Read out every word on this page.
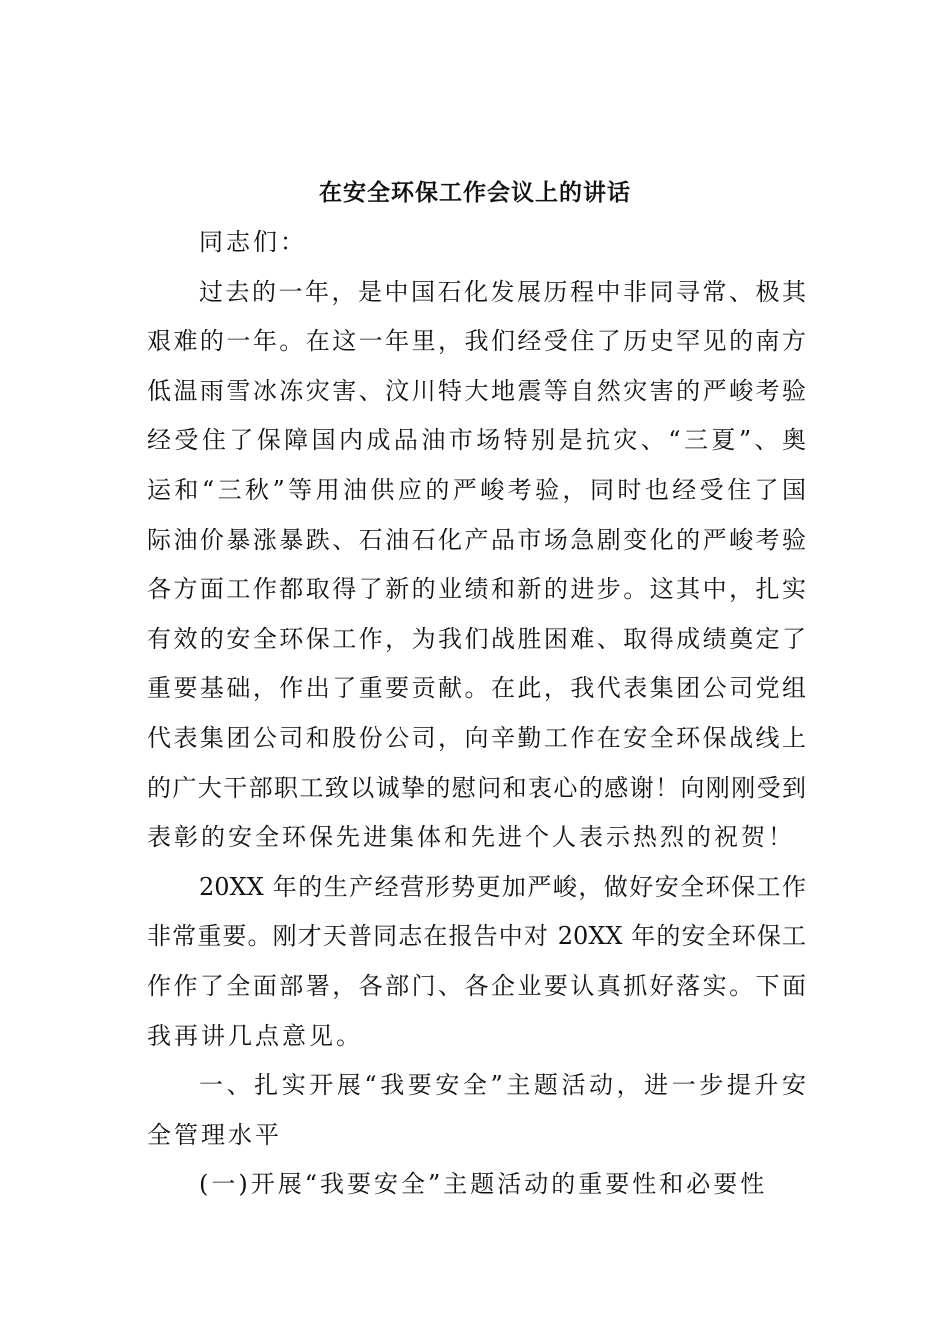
在安全环保工作会议上的讲话
同志们：
过去的一年，是中国石化发展历程中非同寻常、极其
艰难的一年。在这一年里，我们经受住了历史罕见的南方
低温雨雪冰冻灾害、汶川特大地震等自然灾害的严峻考验
经受住了保障国内成品油市场特别是抗灾、“三夏”、奥
运和“三秋”等用油供应的严峻考验，同时也经受住了国
际油价暴涨暴跌、石油石化产品市场急剧变化的严峻考验
各方面工作都取得了新的业绩和新的进步。这其中，扎实
有效的安全环保工作，为我们战胜困难、取得成绩奠定了
重要基础，作出了重要贡献。在此，我代表集团公司党组
代表集团公司和股份公司，向辛勤工作在安全环保战线上
的广大干部职工致以诚挚的慰问和衷心的感谢！向刚刚受到
表彰的安全环保先进集体和先进个人表示热烈的祝贺！
20XX 年的生产经营形势更加严峻，做好安全环保工作
非常重要。刚才天普同志在报告中对 20XX 年的安全环保工
作作了全面部署，各部门、各企业要认真抓好落实。下面
我再讲几点意见。
一、扎实开展“我要安全”主题活动，进一步提升安
全管理水平
(一)开展“我要安全”主题活动的重要性和必要性
